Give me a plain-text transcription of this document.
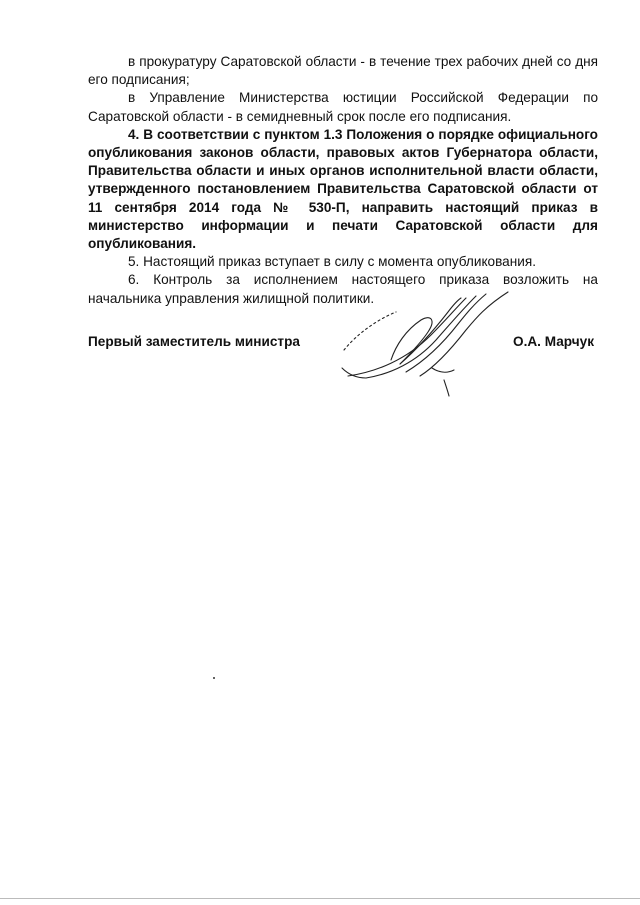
в прокуратуру Саратовской области - в течение трех рабочих дней со дня его подписания;

в Управление Министерства юстиции Российской Федерации по Саратовской области - в семидневный срок после его подписания.

4. В соответствии с пунктом 1.3 Положения о порядке официального опубликования законов области, правовых актов Губернатора области, Правительства области и иных органов исполнительной власти области, утвержденного постановлением Правительства Саратовской области от 11 сентября 2014 года № 530-П, направить настоящий приказ в министерство информации и печати Саратовской области для опубликования.

5. Настоящий приказ вступает в силу с момента опубликования.

6. Контроль за исполнением настоящего приказа возложить на начальника управления жилищной политики.

Первый заместитель министра	О.А. Марчук
